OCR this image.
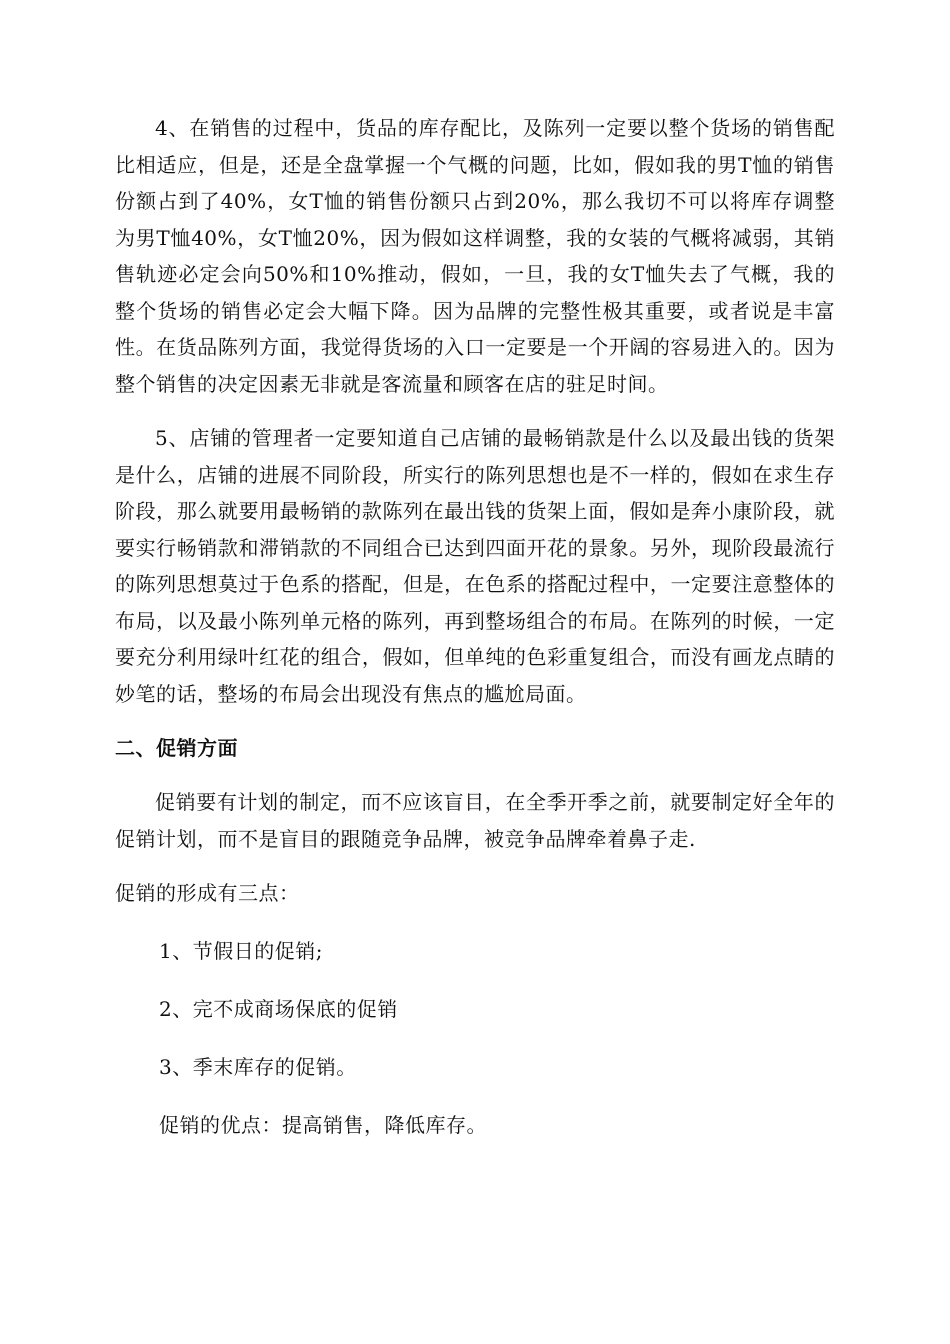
4、在销售的过程中，货品的库存配比，及陈列一定要以整个货场的销售配比相适应，但是，还是全盘掌握一个气概的问题，比如，假如我的男T恤的销售份额占到了40%，女T恤的销售份额只占到20%，那么我切不可以将库存调整为男T恤40%，女T恤20%，因为假如这样调整，我的女装的气概将减弱，其销售轨迹必定会向50%和10%推动，假如，一旦，我的女T恤失去了气概，我的整个货场的销售必定会大幅下降。因为品牌的完整性极其重要，或者说是丰富性。在货品陈列方面，我觉得货场的入口一定要是一个开阔的容易进入的。因为整个销售的决定因素无非就是客流量和顾客在店的驻足时间。

5、店铺的管理者一定要知道自己店铺的最畅销款是什么以及最出钱的货架是什么，店铺的进展不同阶段，所实行的陈列思想也是不一样的，假如在求生存阶段，那么就要用最畅销的款陈列在最出钱的货架上面，假如是奔小康阶段，就要实行畅销款和滞销款的不同组合已达到四面开花的景象。另外，现阶段最流行的陈列思想莫过于色系的搭配，但是，在色系的搭配过程中，一定要注意整体的布局，以及最小陈列单元格的陈列，再到整场组合的布局。在陈列的时候，一定要充分利用绿叶红花的组合，假如，但单纯的色彩重复组合，而没有画龙点睛的妙笔的话，整场的布局会出现没有焦点的尴尬局面。

二、促销方面

促销要有计划的制定，而不应该盲目，在全季开季之前，就要制定好全年的促销计划，而不是盲目的跟随竞争品牌，被竞争品牌牵着鼻子走.

促销的形成有三点：

1、节假日的促销;

2、完不成商场保底的促销

3、季末库存的促销。

促销的优点：提高销售，降低库存。
